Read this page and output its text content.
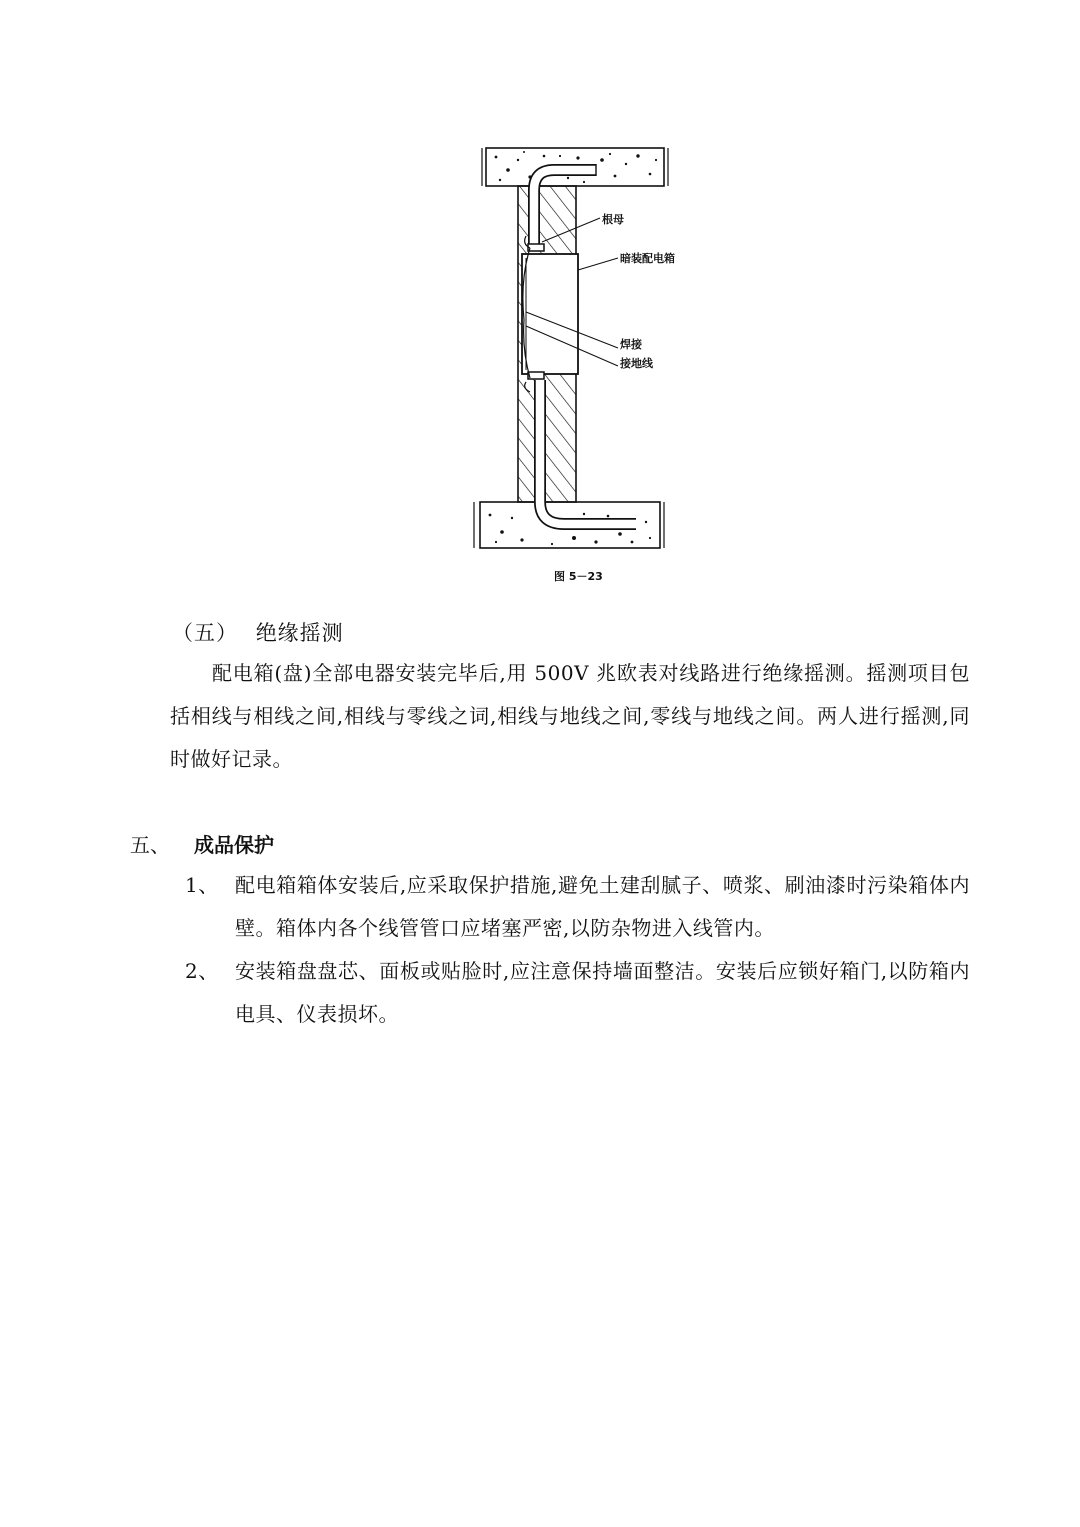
根母
暗装配电箱
焊接
接地线
图 5－23
（五） 绝缘摇测
配电箱(盘)全部电器安装完毕后,用 500V 兆欧表对线路进行绝缘摇测。摇测项目包括相线与相线之间,相线与零线之词,相线与地线之间,零线与地线之间。两人进行摇测,同时做好记录。
五、 成品保护
1、 配电箱箱体安装后,应采取保护措施,避免土建刮腻子、喷浆、刷油漆时污染箱体内壁。箱体内各个线管管口应堵塞严密,以防杂物进入线管内。
2、 安装箱盘盘芯、面板或贴脸时,应注意保持墙面整洁。安装后应锁好箱门,以防箱内电具、仪表损坏。
